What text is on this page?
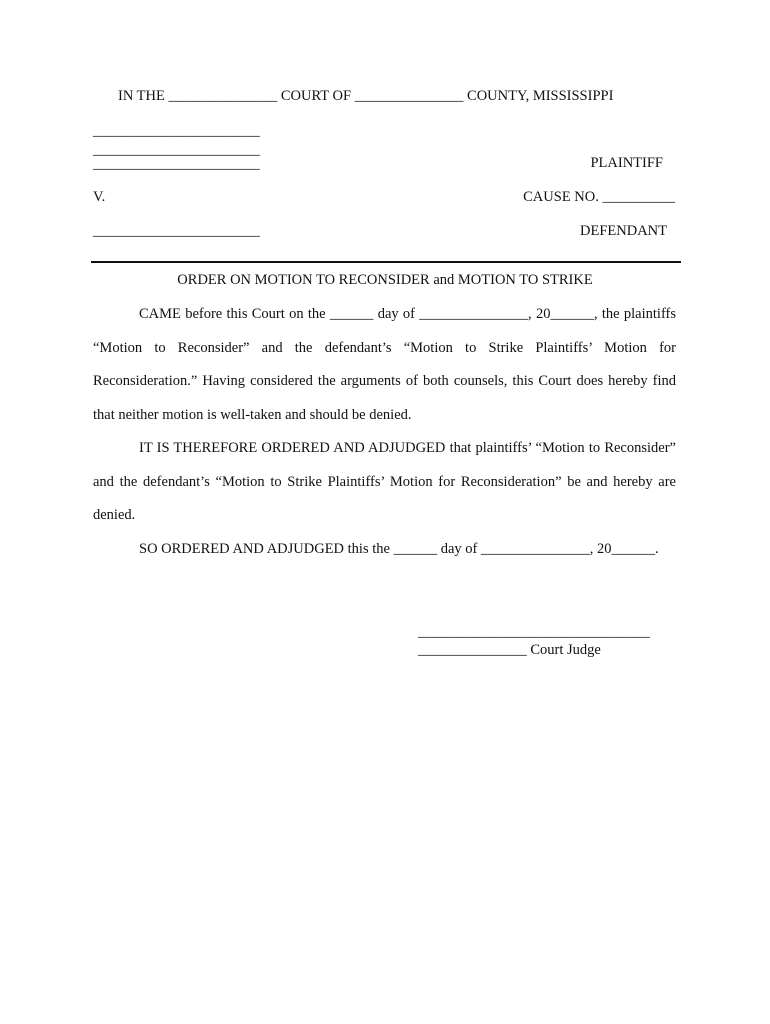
IN THE _______________ COURT OF _______________ COUNTY, MISSISSIPPI
_______________________
_______________________
_______________________	PLAINTIFF
V.	CAUSE NO. __________
_______________________	DEFENDANT
ORDER ON MOTION TO RECONSIDER and MOTION TO STRIKE
CAME before this Court on the ______ day of _______________, 20______, the plaintiffs “Motion to Reconsider” and the defendant’s “Motion to Strike Plaintiffs’ Motion for Reconsideration.” Having considered the arguments of both counsels, this Court does hereby find that neither motion is well-taken and should be denied.
IT IS THEREFORE ORDERED AND ADJUDGED that plaintiffs’ “Motion to Reconsider” and the defendant’s “Motion to Strike Plaintiffs’ Motion for Reconsideration” be and hereby are denied.
SO ORDERED AND ADJUDGED this the ______ day of _______________, 20______.
________________________________
_______________ Court Judge
